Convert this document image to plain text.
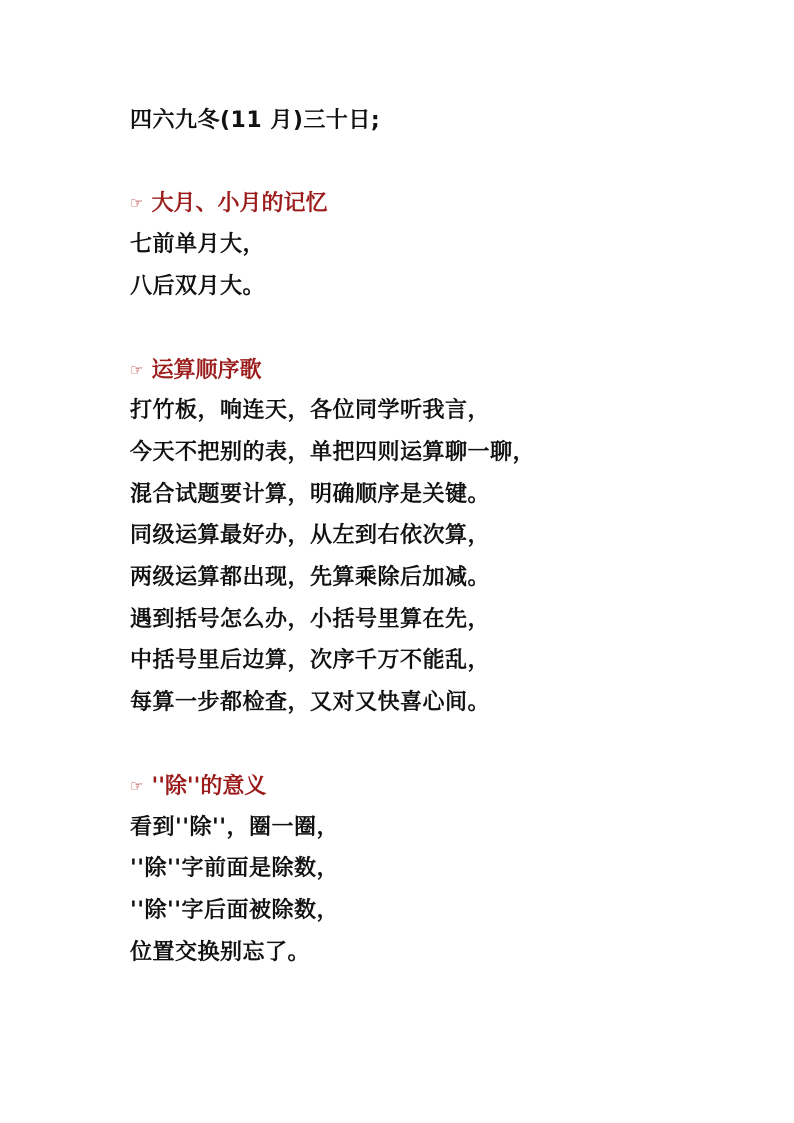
四六九冬(11 月)三十日;
☞ 大月、小月的记忆
七前单月大，
八后双月大。
☞ 运算顺序歌
打竹板，响连天，各位同学听我言，
今天不把别的表，单把四则运算聊一聊，
混合试题要计算，明确顺序是关键。
同级运算最好办，从左到右依次算，
两级运算都出现，先算乘除后加减。
遇到括号怎么办，小括号里算在先，
中括号里后边算，次序千万不能乱，
每算一步都检查，又对又快喜心间。
☞ ''除''的意义
看到''除''，圈一圈，
''除''字前面是除数，
''除''字后面被除数，
位置交换别忘了。
